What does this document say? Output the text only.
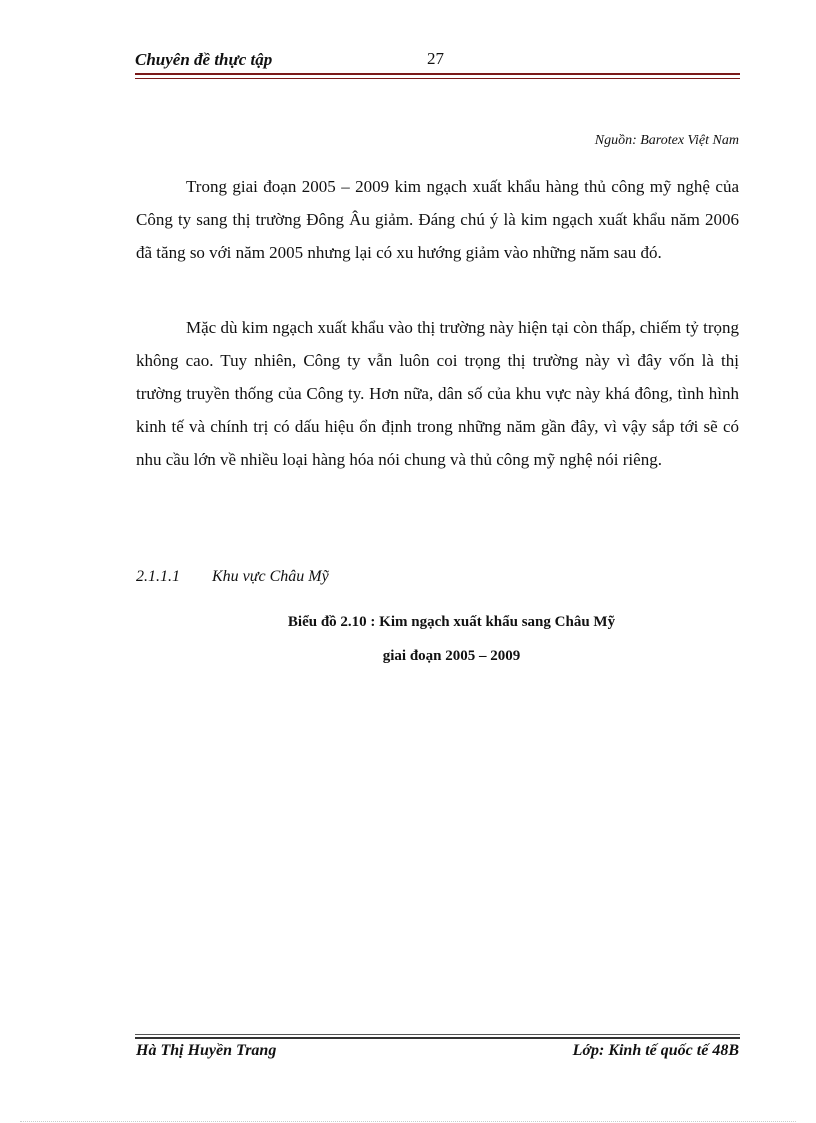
Chuyên đề thực tập	27
Nguồn: Barotex Việt Nam

Trong giai đoạn 2005 – 2009 kim ngạch xuất khẩu hàng thủ công mỹ nghệ của Công ty sang thị trường Đông Âu giảm. Đáng chú ý là kim ngạch xuất khẩu năm 2006 đã tăng so với năm 2005 nhưng lại có xu hướng giảm vào những năm sau đó.

Mặc dù kim ngạch xuất khẩu vào thị trường này hiện tại còn thấp, chiếm tỷ trọng không cao. Tuy nhiên, Công ty vẫn luôn coi trọng thị trường này vì đây vốn là thị trường truyền thống của Công ty. Hơn nữa, dân số của khu vực này khá đông, tình hình kinh tế và chính trị có dấu hiệu ổn định trong những năm gần đây, vì vậy sắp tới sẽ có nhu cầu lớn về nhiều loại hàng hóa nói chung và thủ công mỹ nghệ nói riêng.

2.1.1.1 Khu vực Châu Mỹ
Biểu đồ 2.10 : Kim ngạch xuất khẩu sang Châu Mỹ
giai đoạn 2005 – 2009
Hà Thị Huyền Trang	Lớp: Kinh tế quốc tế 48B
